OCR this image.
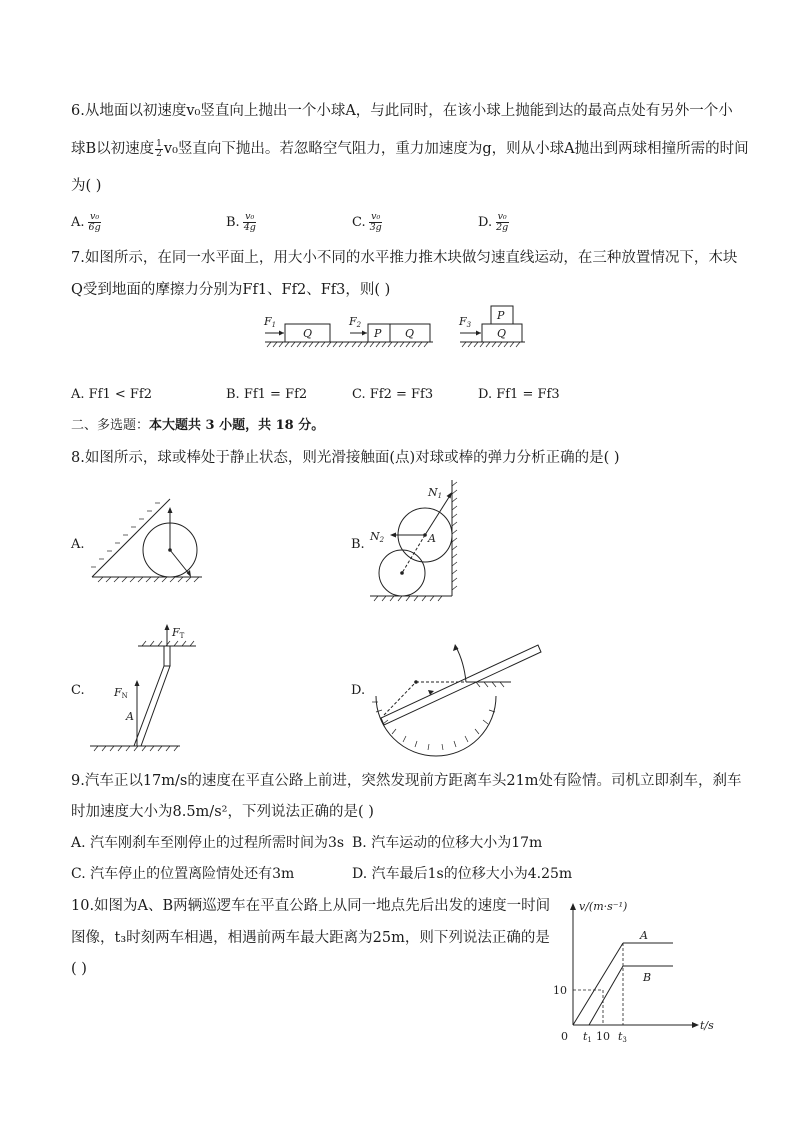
6.从地面以初速度v₀竖直向上抛出一个小球A，与此同时，在该小球上抛能到达的最高点处有另外一个小
球B以初速度 $\frac{1}{2} v_0$竖直向下抛出。若忽略空气阻力，重力加速度为g，则从小球A抛出到两球相撞所需的时间
为( )
A. $\frac{\text{v₀}}{6g}$	B. $\frac{\text{v₀}}{4g}$	C. $\frac{\text{v₀}}{3g}$	D. $\frac{\text{v₀}}{2g}$
7.如图所示，在同一水平面上，用大小不同的水平推力推木块做匀速直线运动，在三种放置情况下，木块
Q受到地面的摩擦力分别为Ff1、Ff2、Ff3，则( )
F1	F2	F3
Q	P Q
P
Q
A. Ff1 < Ff2	B. Ff1 = Ff2	C. Ff2 = Ff3	D. Ff1 = Ff3
二、多选题：本大题共 3 小题，共 18 分。
8.如图所示，球或棒处于静止状态，则光滑接触面(点)对球或棒的弹力分析正确的是( )
A.	B.
N1
N2	A
C.
FT
FN
A
D.
9.汽车正以17m/s的速度在平直公路上前进，突然发现前方距离车头21m处有险情。司机立即刹车，刹车
时加速度大小为8.5m/s²，下列说法正确的是( )
A. 汽车刚刹车至刚停止的过程所需时间为3s B. 汽车运动的位移大小为17m
C. 汽车停止的位置离险情处还有3m	D. 汽车最后1s的位移大小为4.25m
10.如图为A、B两辆巡逻车在平直公路上从同一地点先后出发的速度一时间
图像，t₃时刻两车相遇，相遇前两车最大距离为25m，则下列说法正确的是
( )
v/(m·s⁻¹)
t/s
0
10
t1 10 t3
A
B
